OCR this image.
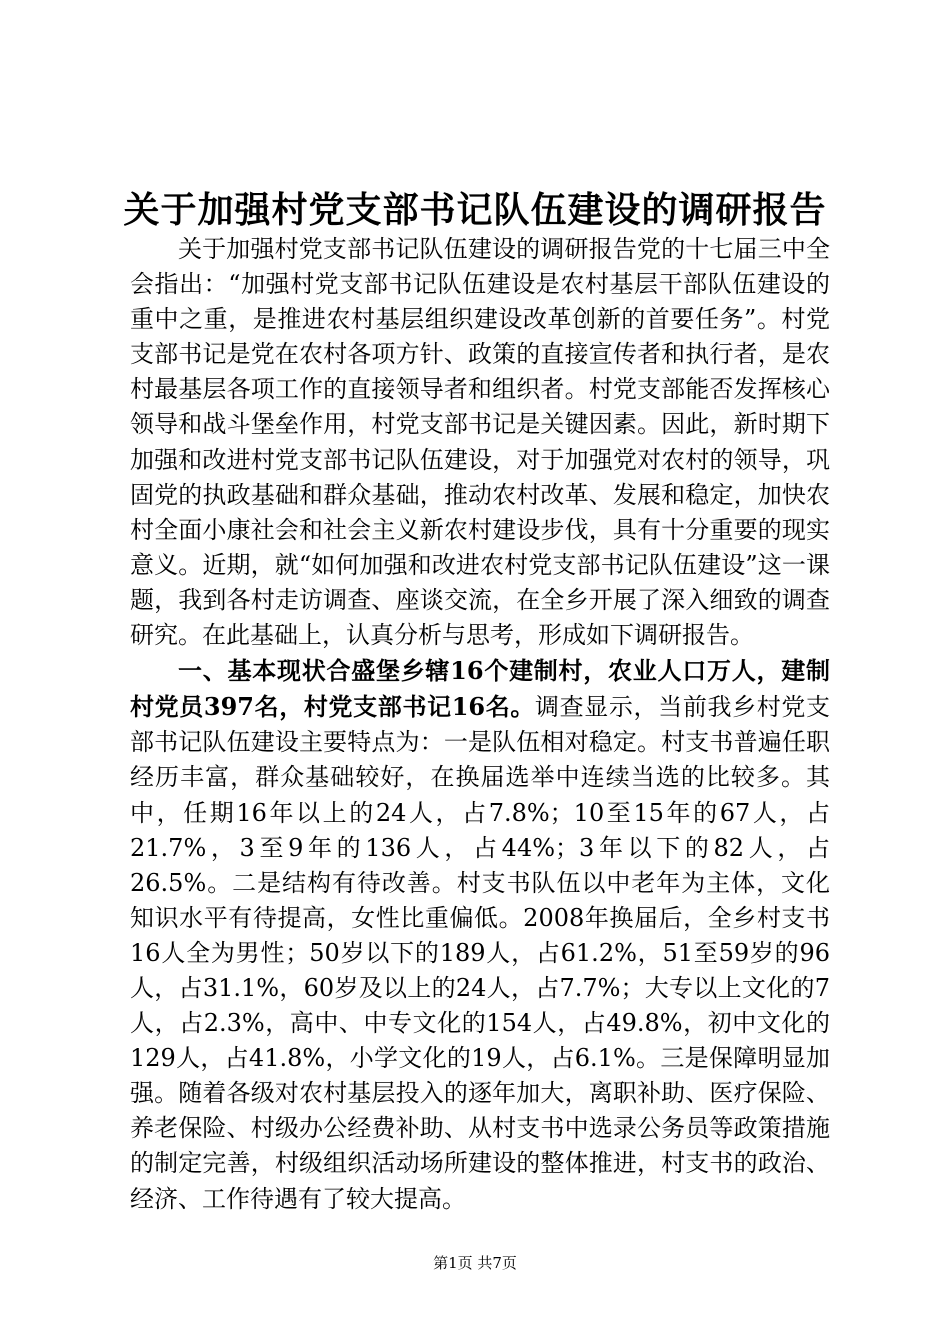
关于加强村党支部书记队伍建设的调研报告

关于加强村党支部书记队伍建设的调研报告党的十七届三中全会指出：“加强村党支部书记队伍建设是农村基层干部队伍建设的重中之重，是推进农村基层组织建设改革创新的首要任务”。村党支部书记是党在农村各项方针、政策的直接宣传者和执行者，是农村最基层各项工作的直接领导者和组织者。村党支部能否发挥核心领导和战斗堡垒作用，村党支部书记是关键因素。因此，新时期下加强和改进村党支部书记队伍建设，对于加强党对农村的领导，巩固党的执政基础和群众基础，推动农村改革、发展和稳定，加快农村全面小康社会和社会主义新农村建设步伐，具有十分重要的现实意义。近期，就“如何加强和改进农村党支部书记队伍建设”这一课题，我到各村走访调查、座谈交流，在全乡开展了深入细致的调查研究。在此基础上，认真分析与思考，形成如下调研报告。

一、基本现状合盛堡乡辖16个建制村，农业人口万人，建制村党员397名，村党支部书记16名。调查显示，当前我乡村党支部书记队伍建设主要特点为：一是队伍相对稳定。村支书普遍任职经历丰富，群众基础较好，在换届选举中连续当选的比较多。其中，任期16年以上的24人，占7.8%；10至15年的67人，占21.7%，3至9年的136人，占44%；3年以下的82人，占26.5%。二是结构有待改善。村支书队伍以中老年为主体，文化知识水平有待提高，女性比重偏低。2008年换届后，全乡村支书16人全为男性；50岁以下的189人，占61.2%，51至59岁的96人，占31.1%，60岁及以上的24人，占7.7%；大专以上文化的7人，占2.3%，高中、中专文化的154人，占49.8%，初中文化的129人，占41.8%，小学文化的19人，占6.1%。三是保障明显加强。随着各级对农村基层投入的逐年加大，离职补助、医疗保险、养老保险、村级办公经费补助、从村支书中选录公务员等政策措施的制定完善，村级组织活动场所建设的整体推进，村支书的政治、经济、工作待遇有了较大提高。

第1页 共7页
